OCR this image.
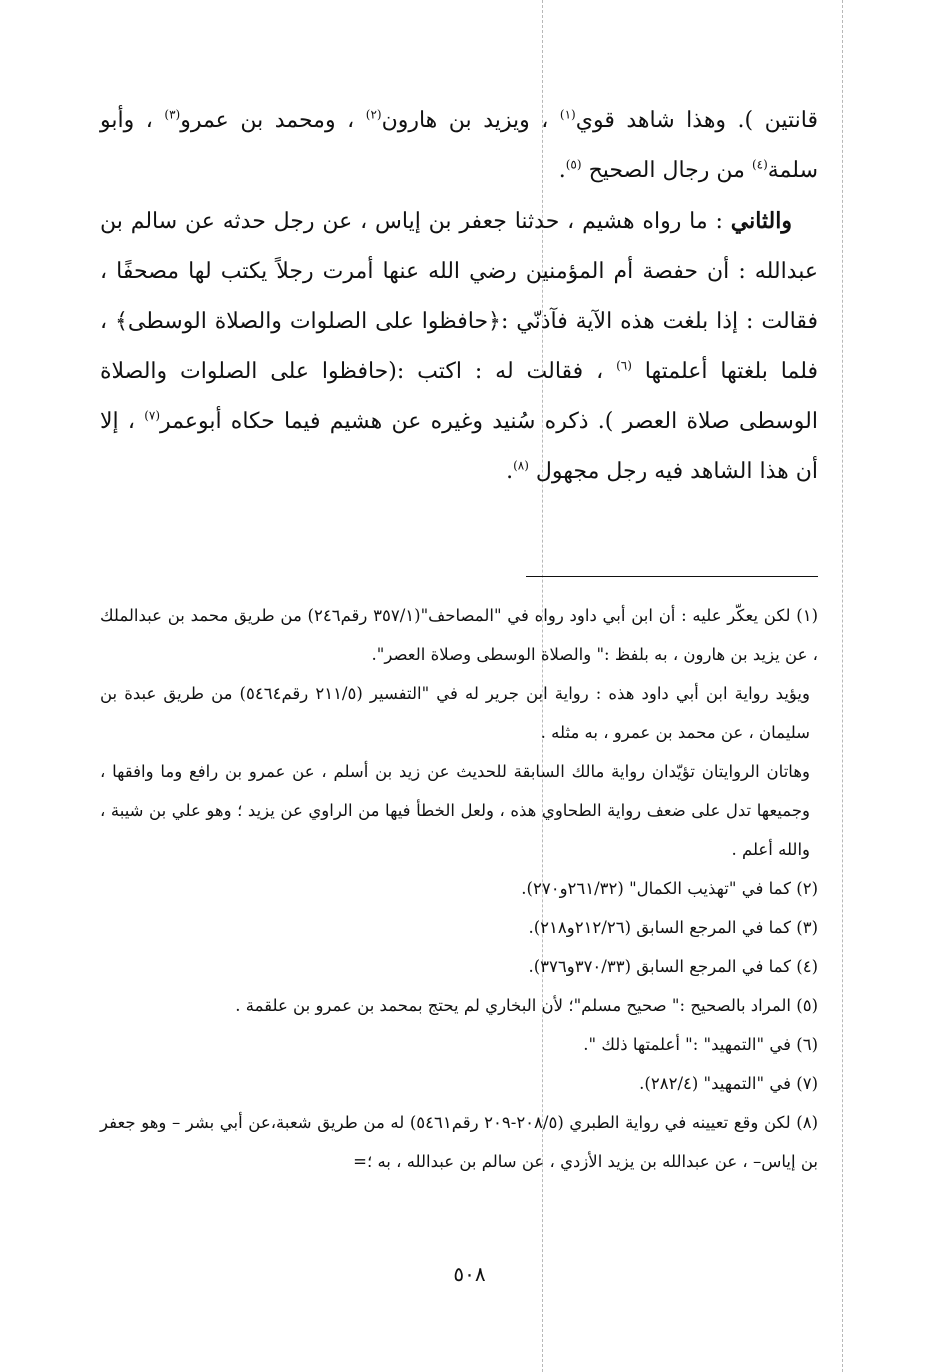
قانتين ). وهذا شاهد قوي$^{(١)}$ ، ويزيد بن هارون$^{(٢)}$ ، ومحمد بن عمرو$^{(٣)}$ ، وأبو سلمة$^{(٤)}$ من رجال الصحيح $^{(٥)}$.

والثاني : ما رواه هشيم ، حدثنا جعفر بن إياس ، عن رجل حدثه عن سالم بن عبدالله : أن حفصة أم المؤمنين رضي الله عنها أمرت رجلاً يكتب لها مصحفًا ، فقالت : إذا بلغت هذه الآية فآذنّي :﴿حافظوا على الصلوات والصلاة الوسطى﴾ ، فلما بلغتها أعلمتها $^{(٦)}$ ، فقالت له : اكتب :(حافظوا على الصلوات والصلاة الوسطى صلاة العصر ). ذكره سُنيد وغيره عن هشيم فيما حكاه أبوعمر$^{(٧)}$ ، إلا أن هذا الشاهد فيه رجل مجهول $^{(٨)}$.

(١) لكن يعكّر عليه : أن ابن أبي داود رواه في "المصاحف"(٣٥٧/١ رقم٢٤٦) من طريق محمد بن عبدالملك ، عن يزيد بن هارون ، به بلفظ :" والصلاة الوسطى وصلاة العصر".

ويؤيد رواية ابن أبي داود هذه : رواية ابن جرير له في "التفسير (٢١١/٥ رقم٥٤٦٤) من طريق عبدة بن سليمان ، عن محمد بن عمرو ، به مثله .

وهاتان الروايتان تؤيّدان رواية مالك السابقة للحديث عن زيد بن أسلم ، عن عمرو بن رافع وما وافقها ، وجميعها تدل على ضعف رواية الطحاوي هذه ، ولعل الخطأ فيها من الراوي عن يزيد ؛ وهو علي بن شيبة ، والله أعلم .

(٢) كما في "تهذيب الكمال" (٢٦١/٣٢و٢٧٠).

(٣) كما في المرجع السابق (٢١٢/٢٦و٢١٨).

(٤) كما في المرجع السابق (٣٧٠/٣٣و٣٧٦).

(٥) المراد بالصحيح :" صحيح مسلم"؛ لأن البخاري لم يحتج بمحمد بن عمرو بن علقمة .

(٦) في "التمهيد" :" أعلمتها ذلك ".

(٧) في "التمهيد" (٢٨٢/٤).

(٨) لكن وقع تعيينه في رواية الطبري (٢٠٨/٥-٢٠٩ رقم٥٤٦١) له من طريق شعبة،عن أبي بشر – وهو جعفر بن إياس– ، عن عبدالله بن يزيد الأزدي ، عن سالم بن عبدالله ، به ؛=

٥٠٨
